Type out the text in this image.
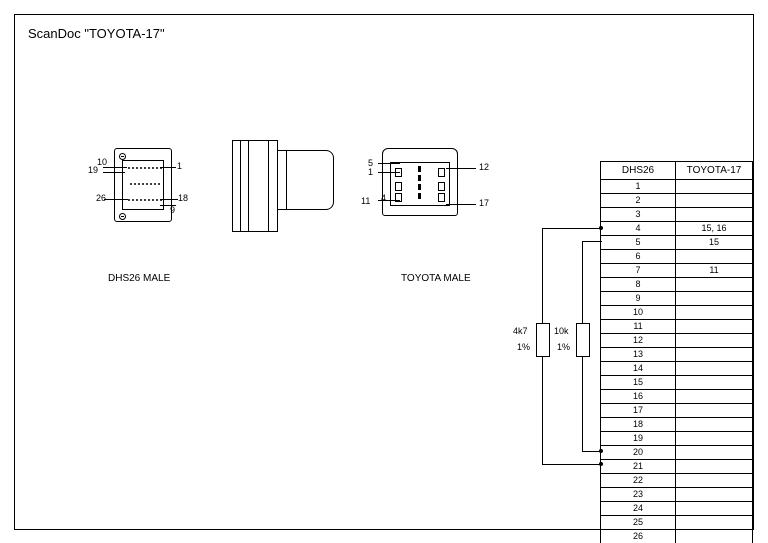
ScanDoc "TOYOTA-17"
10
19	1
26	18
9
DHS26 MALE
5
1	12
11 4	17
TOYOTA MALE
4k7
1%
10k
1%
DHS26	TOYOTA-17
1	
2	
3	
4	15, 16
5	15
6	
7	11
8	
9	
10	
11	
12	
13	
14	
15	
16	
17	
18	
19	
20	
21	
22	
23	
24	
25	
26	
